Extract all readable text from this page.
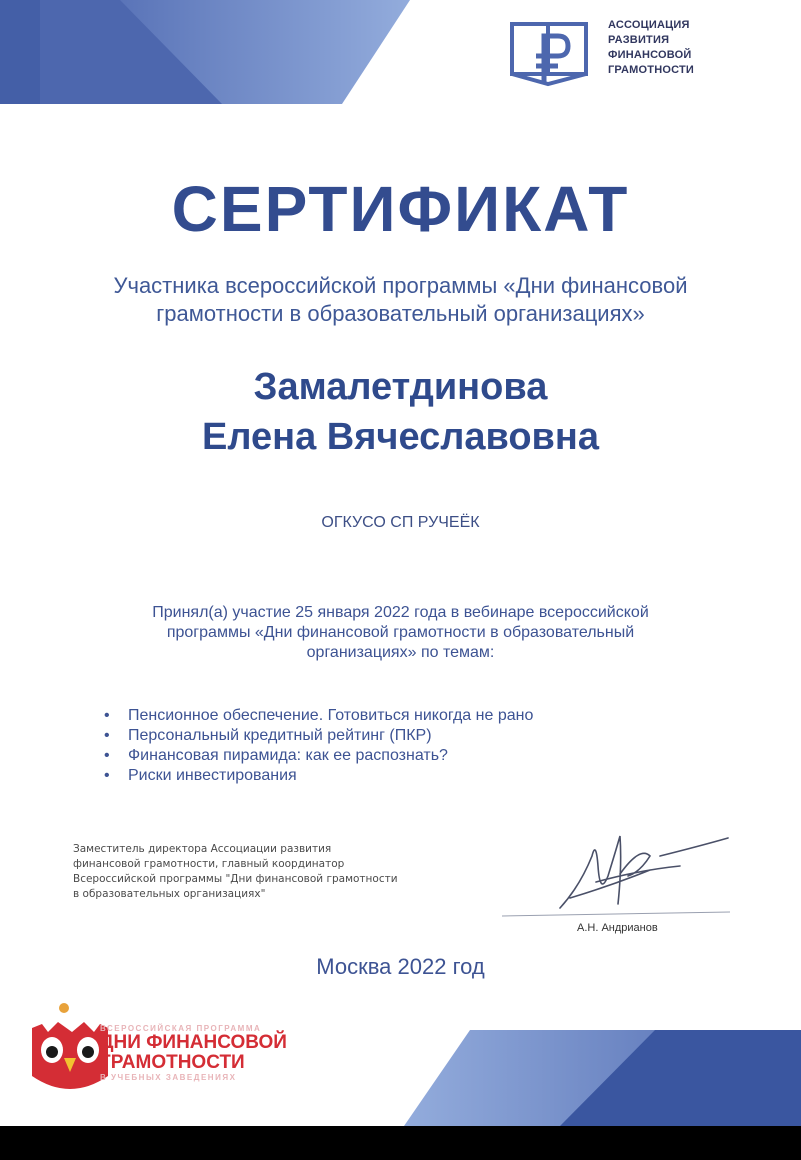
АССОЦИАЦИЯ
РАЗВИТИЯ
ФИНАНСОВОЙ
ГРАМОТНОСТИ
СЕРТИФИКАТ
Участника всероссийской программы «Дни финансовой
грамотности в образовательный организациях»
Замалетдинова
Елена Вячеславовна
ОГКУСО СП РУЧЕЁК
Принял(а) участие 25 января 2022 года в вебинаре всероссийской
программы «Дни финансовой грамотности в образовательный
организациях» по темам:
• Пенсионное обеспечение. Готовиться никогда не рано
• Персональный кредитный рейтинг (ПКР)
• Финансовая пирамида: как ее распознать?
• Риски инвестирования
Заместитель директора Ассоциации развития
финансовой грамотности, главный координатор
Всероссийской программы "Дни финансовой грамотности
в образовательных организациях"
А.Н. Андрианов
Москва 2022 год
ВСЕРОССИЙСКАЯ ПРОГРАММА
ДНИ ФИНАНСОВОЙ
ГРАМОТНОСТИ
В УЧЕБНЫХ ЗАВЕДЕНИЯХ
